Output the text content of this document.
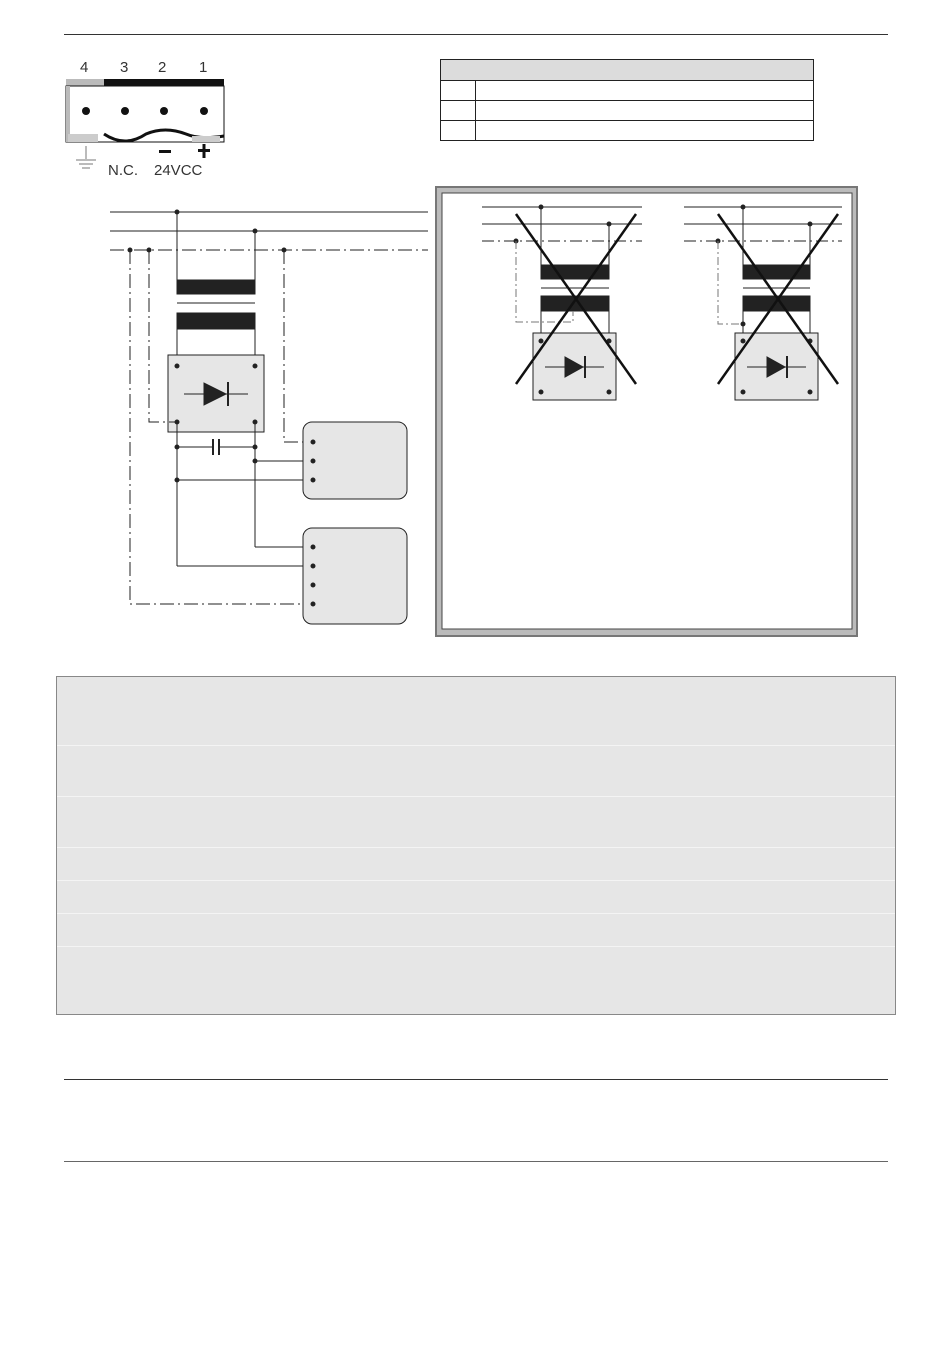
4 3 2 1
N.C. 24VCC
